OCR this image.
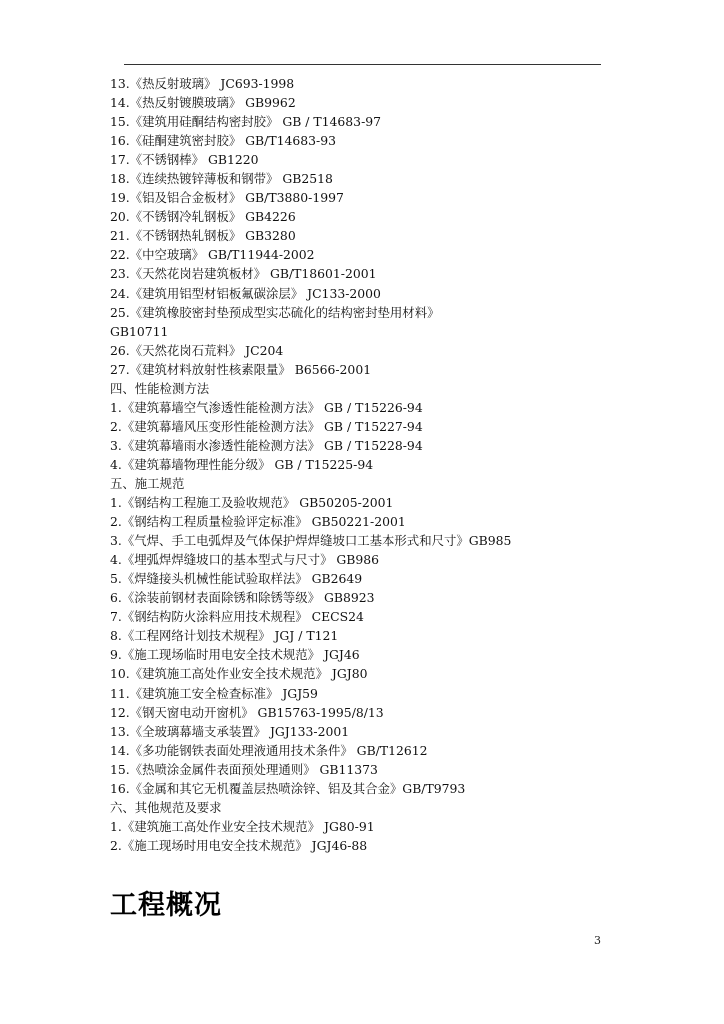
13.《热反射玻璃》 JC693-1998
14.《热反射镀膜玻璃》 GB9962
15.《建筑用硅酮结构密封胶》 GB / T14683-97
16.《硅酮建筑密封胶》 GB/T14683-93
17.《不锈钢棒》 GB1220
18.《连续热镀锌薄板和钢带》 GB2518
19.《铝及铝合金板材》 GB/T3880-1997
20.《不锈钢冷轧钢板》 GB4226
21.《不锈钢热轧钢板》 GB3280
22.《中空玻璃》 GB/T11944-2002
23.《天然花岗岩建筑板材》 GB/T18601-2001
24.《建筑用铝型材铝板氟碳涂层》 JC133-2000
25.《建筑橡胶密封垫预成型实芯硫化的结构密封垫用材料》
GB10711
26.《天然花岗石荒料》 JC204
27.《建筑材料放射性核素限量》 B6566-2001
四、性能检测方法
1.《建筑幕墙空气渗透性能检测方法》 GB / T15226-94
2.《建筑幕墙风压变形性能检测方法》 GB / T15227-94
3.《建筑幕墙雨水渗透性能检测方法》 GB / T15228-94
4.《建筑幕墙物理性能分级》 GB / T15225-94
五、施工规范
1.《钢结构工程施工及验收规范》 GB50205-2001
2.《钢结构工程质量检验评定标准》 GB50221-2001
3.《气焊、手工电弧焊及气体保护焊焊缝坡口工基本形式和尺寸》GB985
4.《埋弧焊焊缝坡口的基本型式与尺寸》 GB986
5.《焊缝接头机械性能试验取样法》 GB2649
6.《涂装前钢材表面除锈和除锈等级》 GB8923
7.《钢结构防火涂料应用技术规程》 CECS24
8.《工程网络计划技术规程》 JGJ / T121
9.《施工现场临时用电安全技术规范》 JGJ46
10.《建筑施工高处作业安全技术规范》 JGJ80
11.《建筑施工安全检查标准》 JGJ59
12.《钢天窗电动开窗机》 GB15763-1995/8/13
13.《全玻璃幕墙支承装置》 JGJ133-2001
14.《多功能钢铁表面处理液通用技术条件》 GB/T12612
15.《热喷涂金属件表面预处理通则》 GB11373
16.《金属和其它无机覆盖层热喷涂锌、铝及其合金》GB/T9793
六、其他规范及要求
1.《建筑施工高处作业安全技术规范》 JG80-91
2.《施工现场时用电安全技术规范》 JGJ46-88
工程概况
3
